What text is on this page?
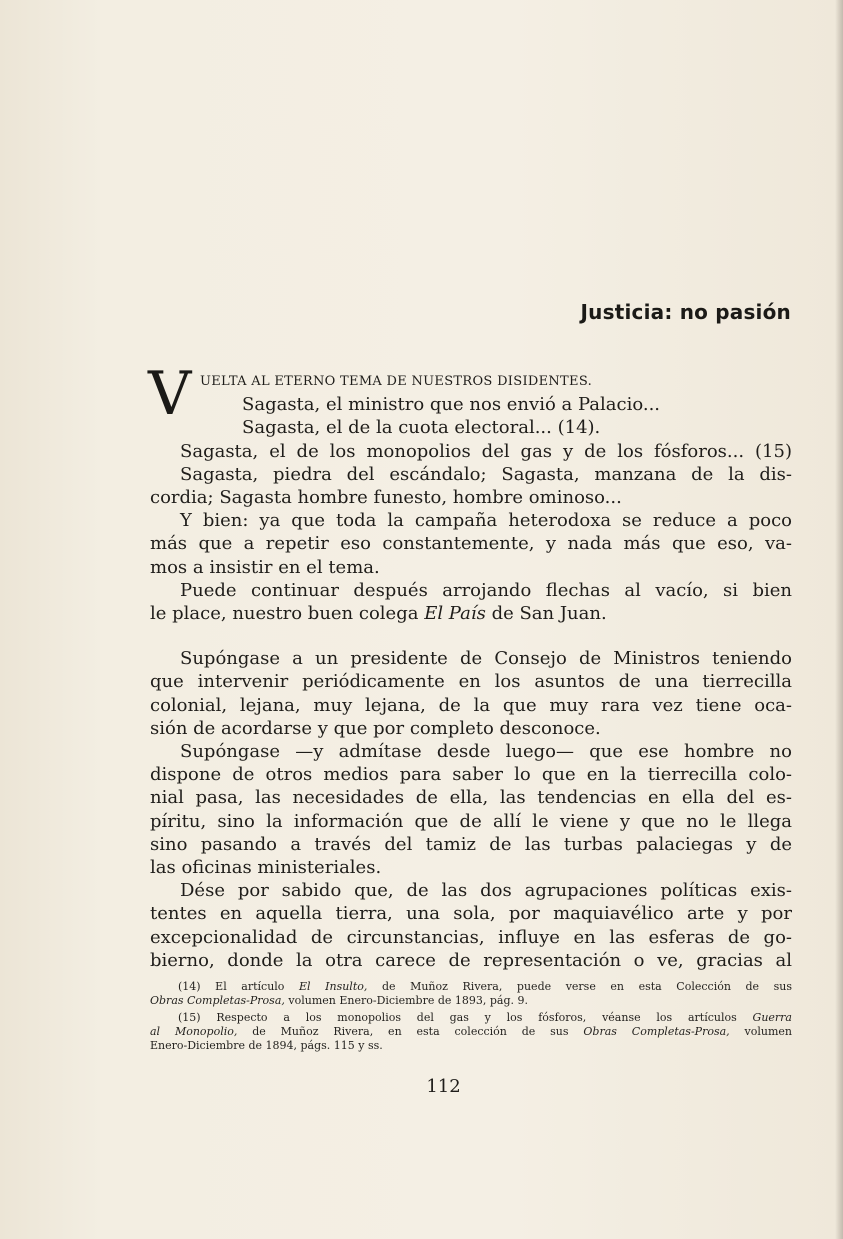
Justicia: no pasión
V UELTA AL ETERNO TEMA DE NUESTROS DISIDENTES.
Sagasta, el ministro que nos envió a Palacio...
Sagasta, el de la cuota electoral... (14).

Sagasta, el de los monopolios del gas y de los fósforos... (15)
Sagasta, piedra del escándalo; Sagasta, manzana de la dis-

cordia; Sagasta hombre funesto, hombre ominoso...

Y bien: ya que toda la campaña heterodoxa se reduce a poco
más que a repetir eso constantemente, y nada más que eso, va-
mos a insistir en el tema.

Puede continuar después arrojando flechas al vacío, si bien
le place, nuestro buen colega El País de San Juan.

Supóngase a un presidente de Consejo de Ministros teniendo
que intervenir periódicamente en los asuntos de una tierrecilla
colonial, lejana, muy lejana, de la que muy rara vez tiene oca-
sión de acordarse y que por completo desconoce.

Supóngase —y admítase desde luego— que ese hombre no
dispone de otros medios para saber lo que en la tierrecilla colo-
nial pasa, las necesidades de ella, las tendencias en ella del es-
píritu, sino la información que de allí le viene y que no le llega
sino pasando a través del tamiz de las turbas palaciegas y de
las oficinas ministeriales.

Dése por sabido que, de las dos agrupaciones políticas exis-
tentes en aquella tierra, una sola, por maquiavélico arte y por
excepcionalidad de circunstancias, influye en las esferas de go-
bierno, donde la otra carece de representación o ve, gracias al

(14) El artículo El Insulto, de Muñoz Rivera, puede verse en esta Colección de sus
Obras Completas-Prosa, volumen Enero-Diciembre de 1893, pág. 9.
(15) Respecto a los monopolios del gas y los fósforos, véanse los artículos Guerra
al Monopolio, de Muñoz Rivera, en esta colección de sus Obras Completas-Prosa, volumen
Enero-Diciembre de 1894, págs. 115 y ss.
112
